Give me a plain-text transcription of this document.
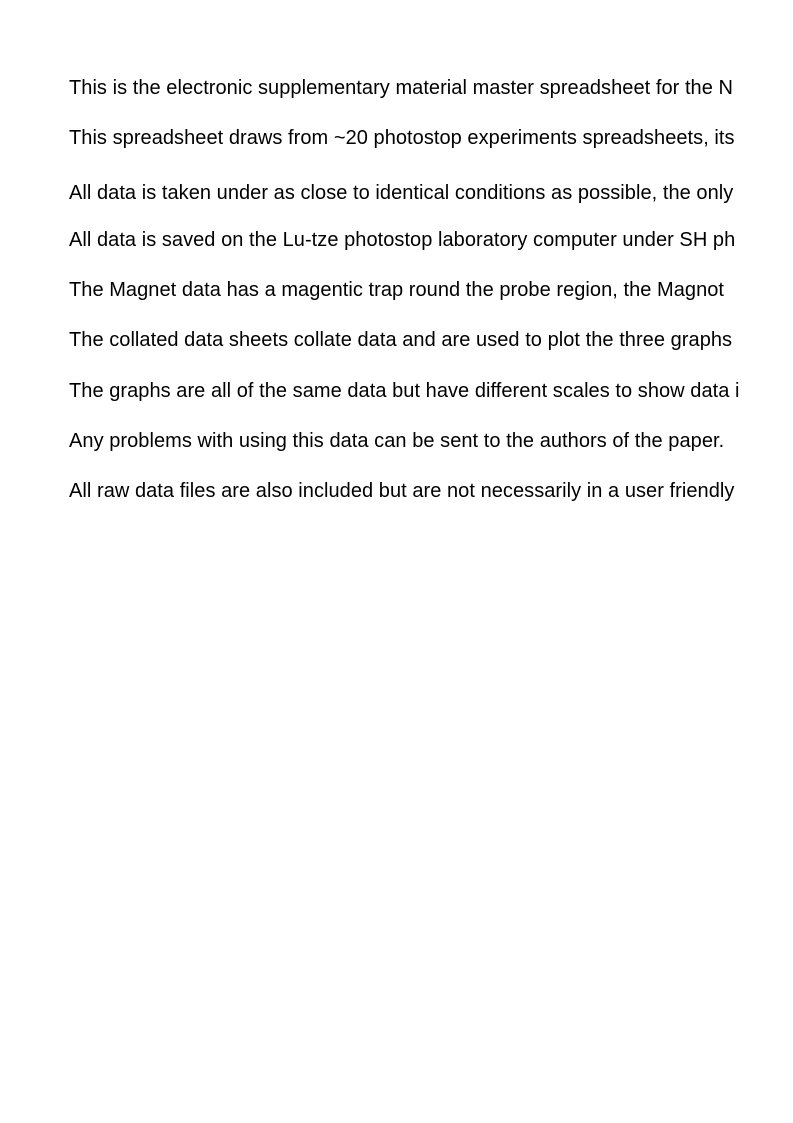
This is the electronic supplementary material master spreadsheet for the N
This spreadsheet draws from ~20 photostop experiments spreadsheets, its
All data is taken under as close to identical conditions as possible, the only
All data is saved on the Lu-tze photostop laboratory computer under SH ph
The Magnet data has a magentic trap round the probe region, the Magnot
The collated data sheets collate data and are used to plot the three graphs
The graphs are all of the same data but have different scales to show data i
Any problems with using this data can be sent to the authors of the paper.
All raw data files are also included but are not necessarily in a user friendly
